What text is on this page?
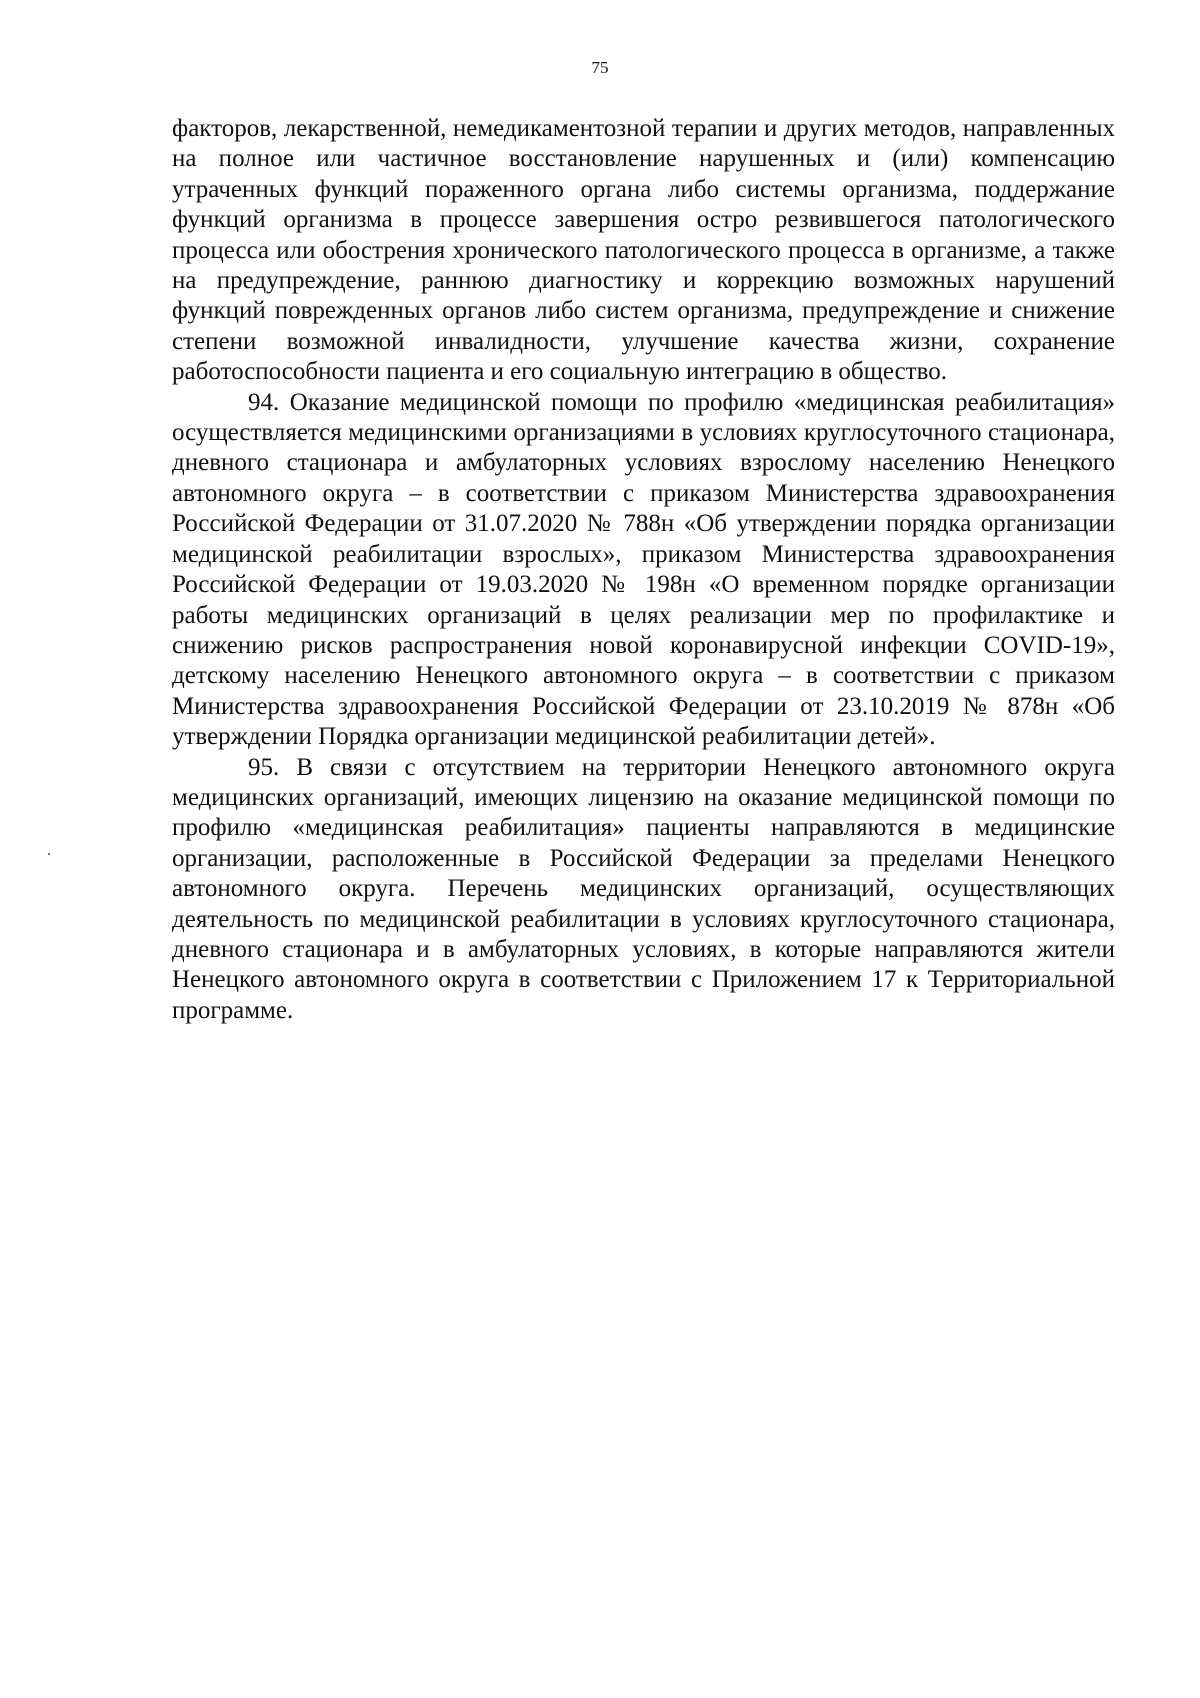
75

факторов, лекарственной, немедикаментозной терапии и других методов, направленных на полное или частичное восстановление нарушенных и (или) компенсацию утраченных функций пораженного органа либо системы организма, поддержание функций организма в процессе завершения остро резвившегося патологического процесса или обострения хронического патологического процесса в организме, а также на предупреждение, раннюю диагностику и коррекцию возможных нарушений функций поврежденных органов либо систем организма, предупреждение и снижение степени возможной инвалидности, улучшение качества жизни, сохранение работоспособности пациента и его социальную интеграцию в общество.

94. Оказание медицинской помощи по профилю «медицинская реабилитация» осуществляется медицинскими организациями в условиях круглосуточного стационара, дневного стационара и амбулаторных условиях взрослому населению Ненецкого автономного округа – в соответствии с приказом Министерства здравоохранения Российской Федерации от 31.07.2020 № 788н «Об утверждении порядка организации медицинской реабилитации взрослых», приказом Министерства здравоохранения Российской Федерации от 19.03.2020 № 198н «О временном порядке организации работы медицинских организаций в целях реализации мер по профилактике и снижению рисков распространения новой коронавирусной инфекции COVID-19», детскому населению Ненецкого автономного округа – в соответствии с приказом Министерства здравоохранения Российской Федерации от 23.10.2019 № 878н «Об утверждении Порядка организации медицинской реабилитации детей».

95. В связи с отсутствием на территории Ненецкого автономного округа медицинских организаций, имеющих лицензию на оказание медицинской помощи по профилю «медицинская реабилитация» пациенты направляются в медицинские организации, расположенные в Российской Федерации за пределами Ненецкого автономного округа. Перечень медицинских организаций, осуществляющих деятельность по медицинской реабилитации в условиях круглосуточного стационара, дневного стационара и в амбулаторных условиях, в которые направляются жители Ненецкого автономного округа в соответствии с Приложением 17 к Территориальной программе.
